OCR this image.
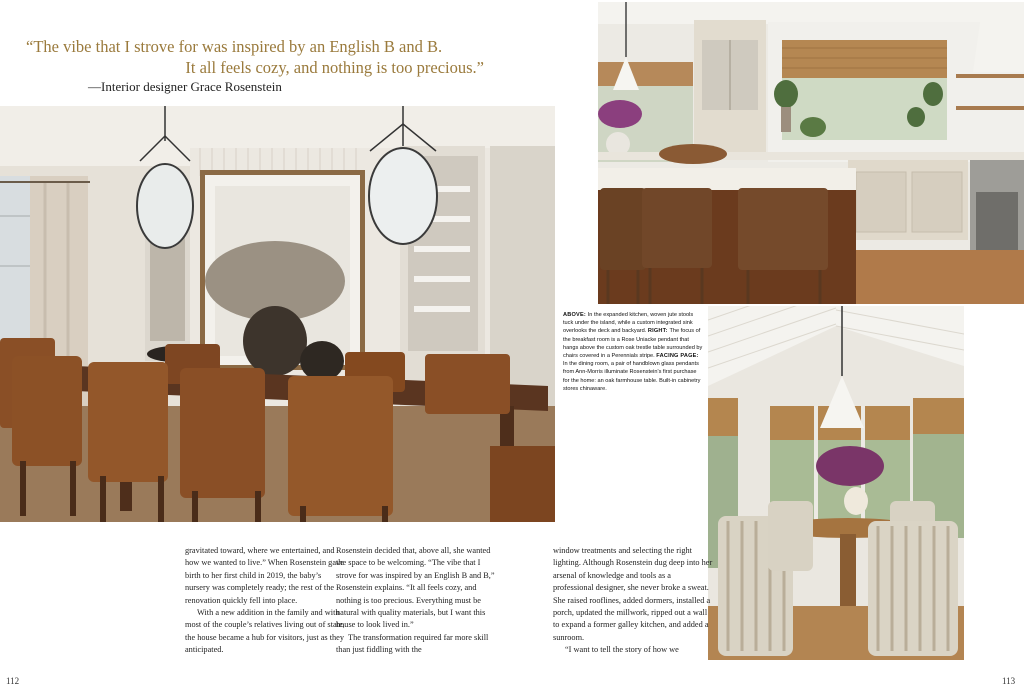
“The vibe that I strove for was inspired by an English B and B.
It all feels cozy, and nothing is too precious.”
—Interior designer Grace Rosenstein
ABOVE: In the expanded kitchen, woven jute stools tuck under the island, while a custom integrated sink overlooks the deck and backyard. RIGHT: The focus of the breakfast room is a Rose Uniacke pendant that hangs above the custom oak trestle table surrounded by chairs covered in a Perennials stripe. FACING PAGE: In the dining room, a pair of handblown glass pendants from Ann-Morris illuminate Rosenstein's first purchase for the home: an oak farmhouse table. Built-in cabinetry stores chinaware.

gravitated toward, where we entertained, and how we wanted to live.” When Rosenstein gave birth to her first child in 2019, the baby’s nursery was completely ready; the rest of the renovation quickly fell into place.

With a new addition in the family and with most of the couple’s relatives living out of state, the house became a hub for visitors, just as they anticipated.

Rosenstein decided that, above all, she wanted the space to be welcoming. “The vibe that I strove for was inspired by an English B and B,” Rosenstein explains. “It all feels cozy, and nothing is too precious. Everything must be natural with quality materials, but I want this house to look lived in.”

The transformation required far more skill than just fiddling with the

window treatments and selecting the right lighting. Although Rosenstein dug deep into her arsenal of knowledge and tools as a professional designer, she never broke a sweat. She raised rooflines, added dormers, installed a porch, updated the millwork, ripped out a wall to expand a former galley kitchen, and added a sunroom.

“I want to tell the story of how we

112	113
